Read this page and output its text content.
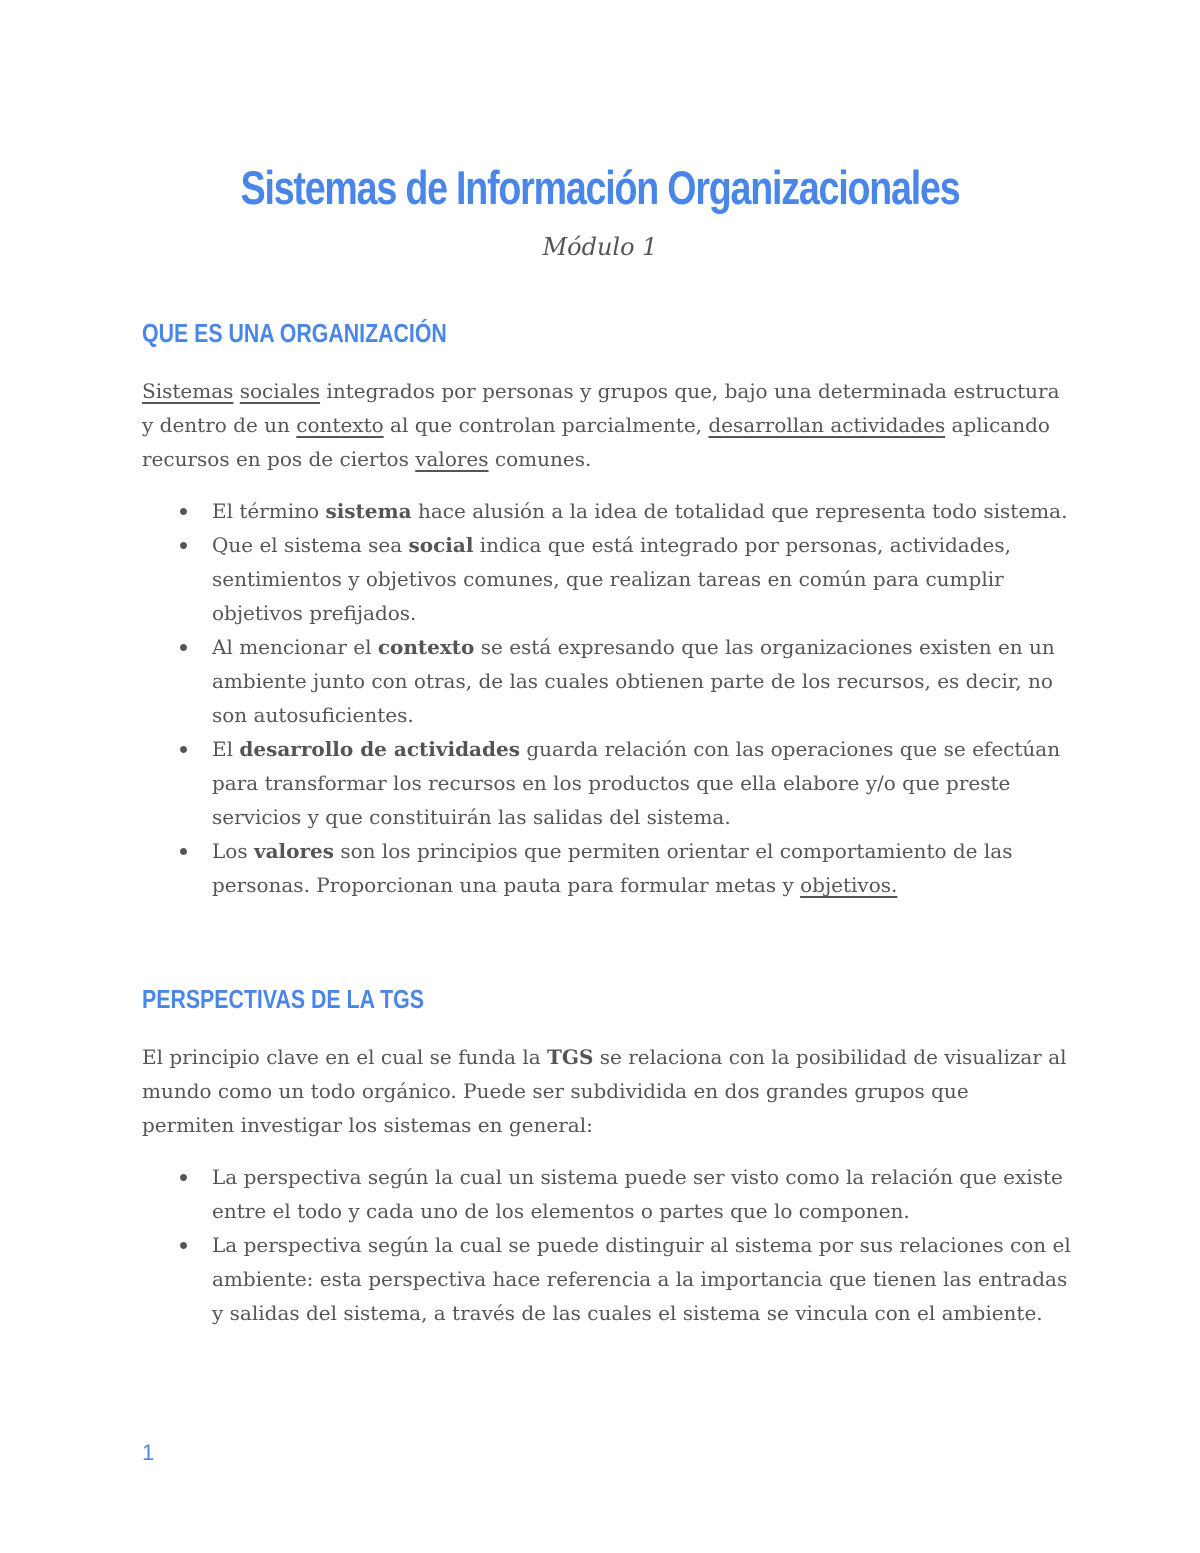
Sistemas de Información Organizacionales

Módulo 1

QUE ES UNA ORGANIZACIÓN

Sistemas sociales integrados por personas y grupos que, bajo una determinada estructura y dentro de un contexto al que controlan parcialmente, desarrollan actividades aplicando recursos en pos de ciertos valores comunes.

El término sistema hace alusión a la idea de totalidad que representa todo sistema.
Que el sistema sea social indica que está integrado por personas, actividades, sentimientos y objetivos comunes, que realizan tareas en común para cumplir objetivos prefijados.
Al mencionar el contexto se está expresando que las organizaciones existen en un ambiente junto con otras, de las cuales obtienen parte de los recursos, es decir, no son autosuficientes.
El desarrollo de actividades guarda relación con las operaciones que se efectúan para transformar los recursos en los productos que ella elabore y/o que preste servicios y que constituirán las salidas del sistema.
Los valores son los principios que permiten orientar el comportamiento de las personas. Proporcionan una pauta para formular metas y objetivos.
PERSPECTIVAS DE LA TGS

El principio clave en el cual se funda la TGS se relaciona con la posibilidad de visualizar al mundo como un todo orgánico. Puede ser subdividida en dos grandes grupos que permiten investigar los sistemas en general:

La perspectiva según la cual un sistema puede ser visto como la relación que existe entre el todo y cada uno de los elementos o partes que lo componen.
La perspectiva según la cual se puede distinguir al sistema por sus relaciones con el ambiente: esta perspectiva hace referencia a la importancia que tienen las entradas y salidas del sistema, a través de las cuales el sistema se vincula con el ambiente.
1
